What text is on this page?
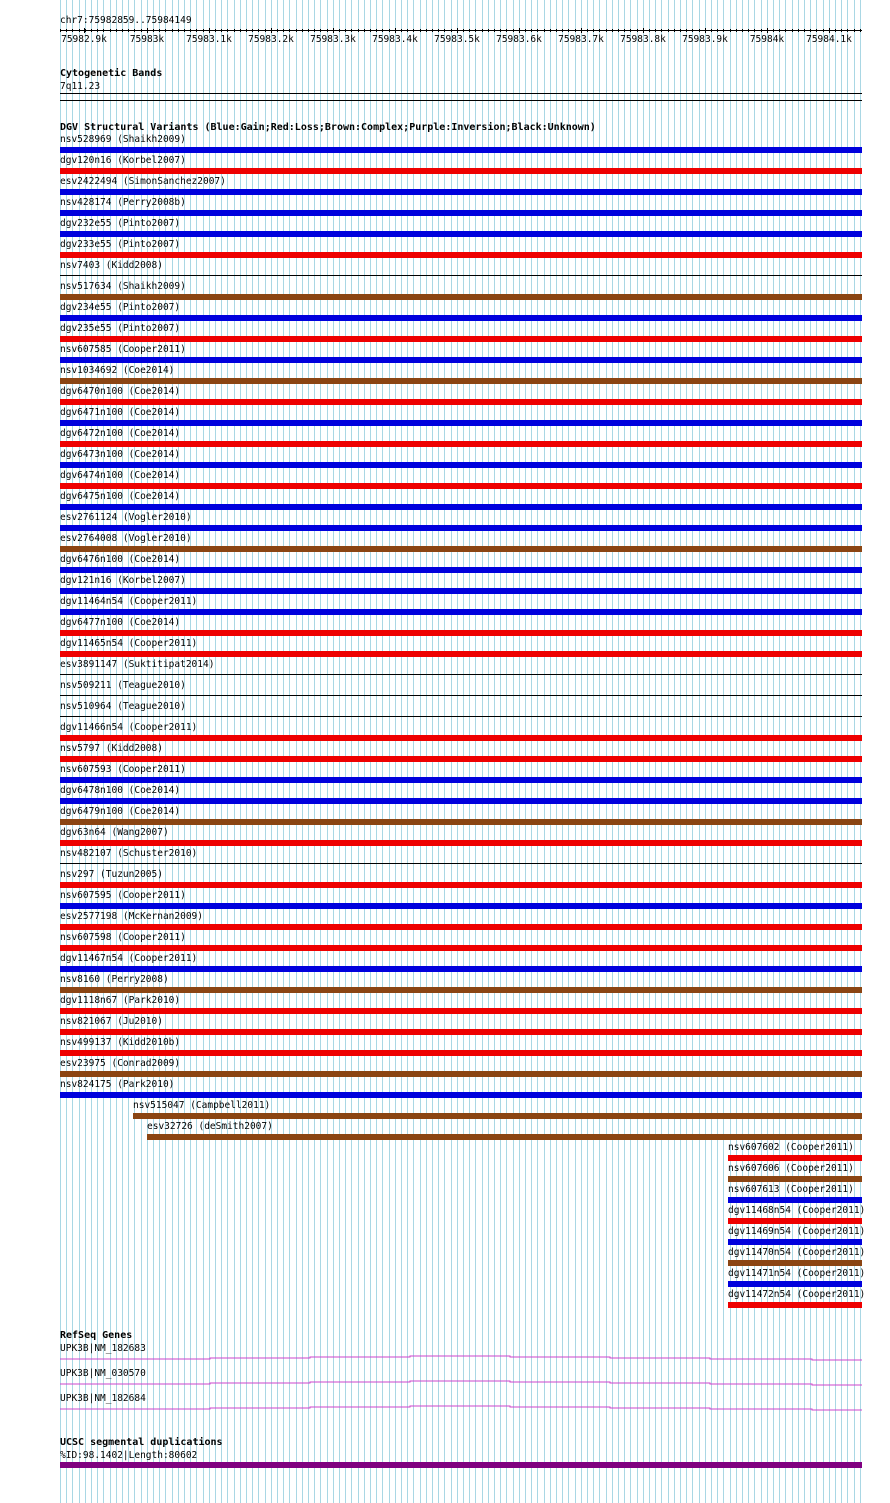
chr7:75982859..75984149
75982.9k	75983k	75983.1k 75983.2k 75983.3k 75983.4k 75983.5k 75983.6k 75983.7k 75983.8k 75983.9k	75984k	75984.1k
Cytogenetic Bands
7q11.23
DGV Structural Variants (Blue:Gain;Red:Loss;Brown:Complex;Purple:Inversion;Black:Unknown)
nsv528969 (Shaikh2009)
dgv120n16 (Korbel2007)
esv2422494 (SimonSanchez2007)
nsv428174 (Perry2008b)
dgv232e55 (Pinto2007)
dgv233e55 (Pinto2007)
nsv7403 (Kidd2008)
nsv517634 (Shaikh2009)
dgv234e55 (Pinto2007)
dgv235e55 (Pinto2007)
nsv607585 (Cooper2011)
nsv1034692 (Coe2014)
dgv6470n100 (Coe2014)
dgv6471n100 (Coe2014)
dgv6472n100 (Coe2014)
dgv6473n100 (Coe2014)
dgv6474n100 (Coe2014)
dgv6475n100 (Coe2014)
esv2761124 (Vogler2010)
esv2764008 (Vogler2010)
dgv6476n100 (Coe2014)
dgv121n16 (Korbel2007)
dgv11464n54 (Cooper2011)
dgv6477n100 (Coe2014)
dgv11465n54 (Cooper2011)
esv3891147 (Suktitipat2014)
nsv509211 (Teague2010)
nsv510964 (Teague2010)
dgv11466n54 (Cooper2011)
nsv5797 (Kidd2008)
nsv607593 (Cooper2011)
dgv6478n100 (Coe2014)
dgv6479n100 (Coe2014)
dgv63n64 (Wang2007)
nsv482107 (Schuster2010)
nsv297 (Tuzun2005)
nsv607595 (Cooper2011)
esv2577198 (McKernan2009)
nsv607598 (Cooper2011)
dgv11467n54 (Cooper2011)
nsv8160 (Perry2008)
dgv1118n67 (Park2010)
nsv821067 (Ju2010)
nsv499137 (Kidd2010b)
esv23975 (Conrad2009)
nsv824175 (Park2010)
nsv515047 (Campbell2011)
esv32726 (deSmith2007)
nsv607602 (Cooper2011)
nsv607606 (Cooper2011)
nsv607613 (Cooper2011)
dgv11468n54 (Cooper2011)
dgv11469n54 (Cooper2011)
dgv11470n54 (Cooper2011)
dgv11471n54 (Cooper2011)
dgv11472n54 (Cooper2011)
RefSeq Genes
UPK3B|NM_182683
UPK3B|NM_030570
UPK3B|NM_182684
UCSC segmental duplications
%ID:98.1402|Length:80602
